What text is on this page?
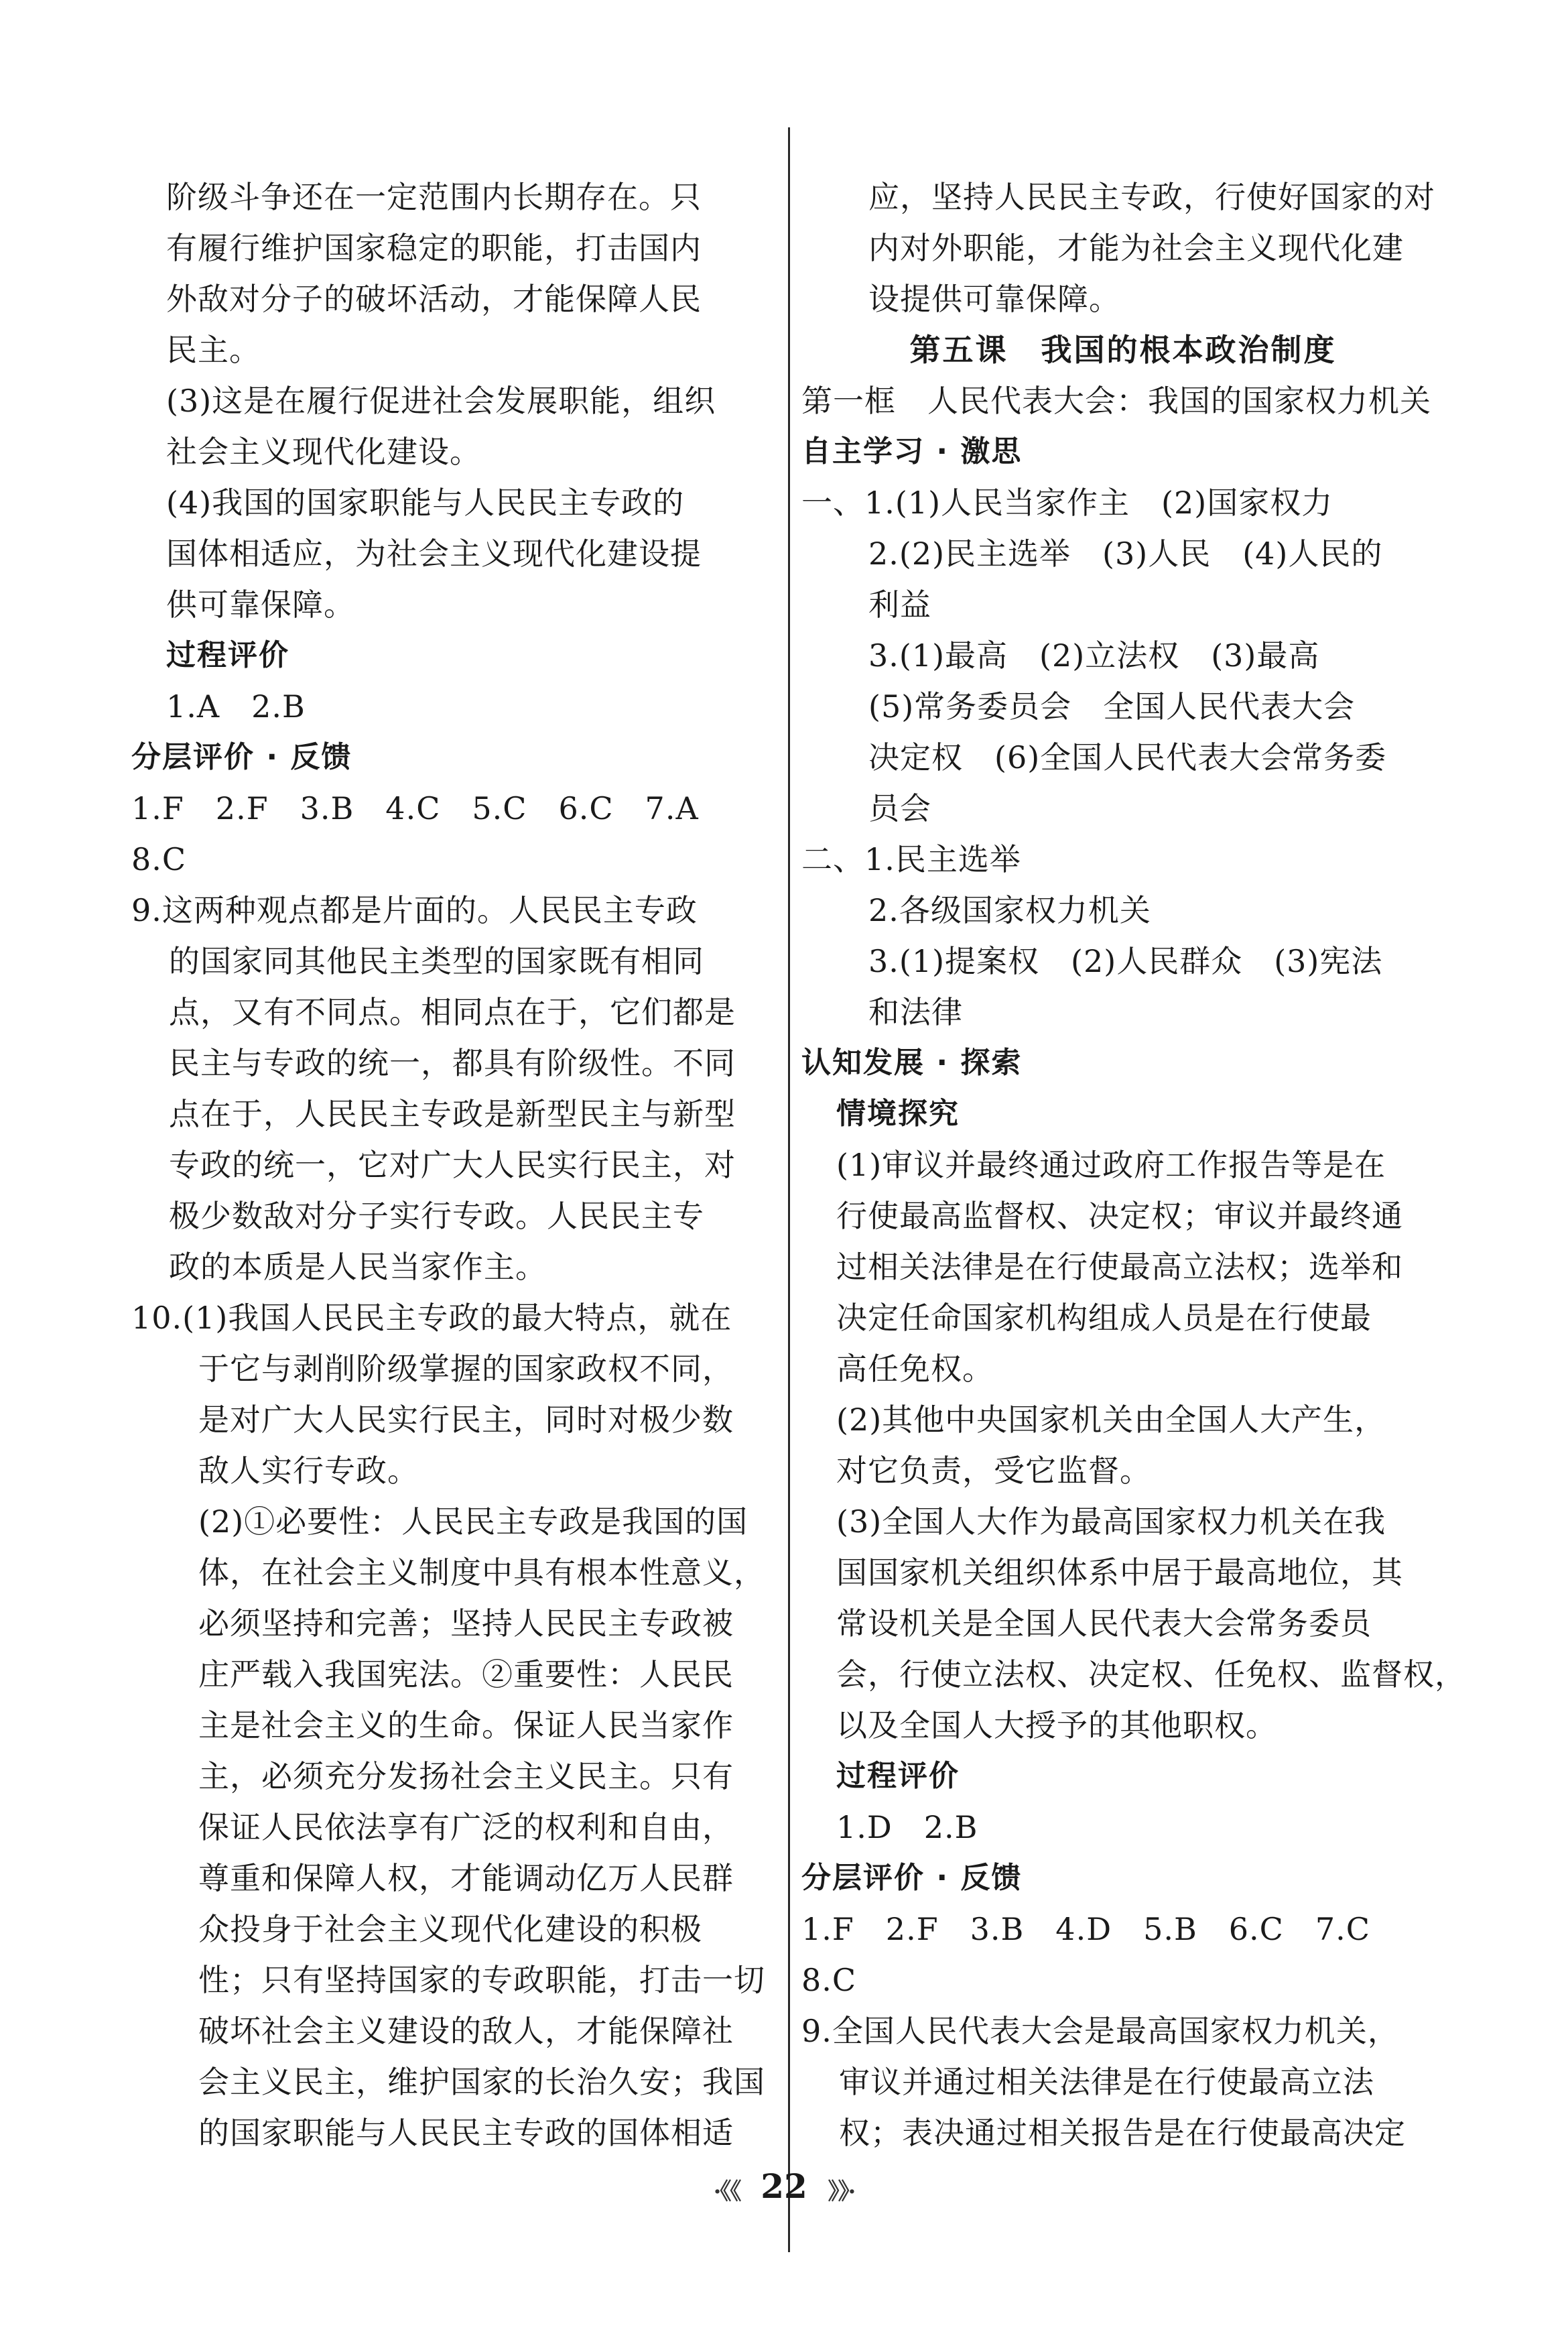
阶级斗争还在一定范围内长期存在。只
有履行维护国家稳定的职能，打击国内
外敌对分子的破坏活动，才能保障人民
民主。
(3)这是在履行促进社会发展职能，组织
社会主义现代化建设。
(4)我国的国家职能与人民民主专政的
国体相适应，为社会主义现代化建设提
供可靠保障。
过程评价
1.A　2.B
分层评价 · 反馈
1.F　2.F　3.B　4.C　5.C　6.C　7.A
8.C
9.这两种观点都是片面的。人民民主专政
的国家同其他民主类型的国家既有相同
点，又有不同点。相同点在于，它们都是
民主与专政的统一，都具有阶级性。不同
点在于，人民民主专政是新型民主与新型
专政的统一，它对广大人民实行民主，对
极少数敌对分子实行专政。人民民主专
政的本质是人民当家作主。
10.(1)我国人民民主专政的最大特点，就在
于它与剥削阶级掌握的国家政权不同，
是对广大人民实行民主，同时对极少数
敌人实行专政。
(2)①必要性：人民民主专政是我国的国
体，在社会主义制度中具有根本性意义，
必须坚持和完善；坚持人民民主专政被
庄严载入我国宪法。②重要性：人民民
主是社会主义的生命。保证人民当家作
主，必须充分发扬社会主义民主。只有
保证人民依法享有广泛的权利和自由，
尊重和保障人权，才能调动亿万人民群
众投身于社会主义现代化建设的积极
性；只有坚持国家的专政职能，打击一切
破坏社会主义建设的敌人，才能保障社
会主义民主，维护国家的长治久安；我国
的国家职能与人民民主专政的国体相适
应，坚持人民民主专政，行使好国家的对
内对外职能，才能为社会主义现代化建
设提供可靠保障。
第五课　我国的根本政治制度
第一框　人民代表大会：我国的国家权力机关
自主学习 · 激思
一、1.(1)人民当家作主　(2)国家权力
2.(2)民主选举　(3)人民　(4)人民的
利益
3.(1)最高　(2)立法权　(3)最高
(5)常务委员会　全国人民代表大会
决定权　(6)全国人民代表大会常务委
员会
二、1.民主选举
2.各级国家权力机关
3.(1)提案权　(2)人民群众　(3)宪法
和法律
认知发展 · 探索
情境探究
(1)审议并最终通过政府工作报告等是在
行使最高监督权、决定权；审议并最终通
过相关法律是在行使最高立法权；选举和
决定任命国家机构组成人员是在行使最
高任免权。
(2)其他中央国家机关由全国人大产生，
对它负责，受它监督。
(3)全国人大作为最高国家权力机关在我
国国家机关组织体系中居于最高地位，其
常设机关是全国人民代表大会常务委员
会，行使立法权、决定权、任免权、监督权，
以及全国人大授予的其他职权。
过程评价
1.D　2.B
分层评价 · 反馈
1.F　2.F　3.B　4.D　5.B　6.C　7.C
8.C
9.全国人民代表大会是最高国家权力机关，
审议并通过相关法律是在行使最高立法
权；表决通过相关报告是在行使最高决定
·《《 22 》》·
